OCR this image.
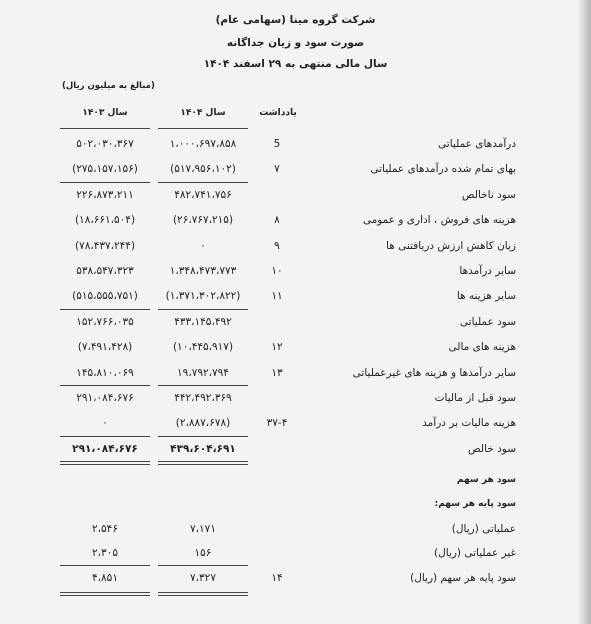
شرکت گروه مینا (سهامی عام)
صورت سود و زیان جداگانه
سال مالی منتهی به ۲۹ اسفند ۱۴۰۴
(مبالغ به میلیون ریال)
یادداشت
سال ۱۴۰۴
سال ۱۴۰۳
درآمدهای عملیاتی
5
۱،۰۰۰،۶۹۷،۸۵۸
۵۰۲،۰۳۰،۳۶۷
بهای تمام شده درآمدهای عملیاتی
۷
(۵۱۷،۹۵۶،۱۰۲)
(۲۷۵،۱۵۷،۱۵۶)
سود ناخالص
۴۸۲،۷۴۱،۷۵۶
۲۲۶،۸۷۳،۲۱۱
هزینه های فروش ، اداری و عمومی
۸
(۲۶،۷۶۷،۲۱۵)
(۱۸،۶۶۱،۵۰۴)
زیان کاهش ارزش دریافتنی ها
۹
۰
(۷۸،۴۳۷،۲۴۴)
سایر درآمدها
۱۰
۱،۳۴۸،۴۷۳،۷۷۳
۵۳۸،۵۴۷،۳۲۳
سایر هزینه ها
۱۱
(۱،۳۷۱،۳۰۲،۸۲۲)
(۵۱۵،۵۵۵،۷۵۱)
سود عملیاتی
۴۳۳،۱۴۵،۴۹۲
۱۵۲،۷۶۶،۰۳۵
هزینه های مالی
۱۲
(۱۰،۴۴۵،۹۱۷)
(۷،۴۹۱،۴۲۸)
سایر درآمدها و هزینه های غیرعملیاتی
۱۳
۱۹،۷۹۲،۷۹۴
۱۴۵،۸۱۰،۰۶۹
سود قبل از مالیات
۴۴۲،۴۹۲،۳۶۹
۲۹۱،۰۸۴،۶۷۶
هزینه مالیات بر درآمد
۳۷-۴
(۲،۸۸۷،۶۷۸)
۰
سود خالص
۴۳۹،۶۰۴،۶۹۱
۲۹۱،۰۸۴،۶۷۶
سود هر سهم
سود پایه هر سهم:
عملیاتی (ریال)
۷،۱۷۱
۲،۵۴۶
غیر عملیاتی (ریال)
۱۵۶
۲،۳۰۵
سود پایه هر سهم (ریال)
۱۴
۷،۳۲۷
۴،۸۵۱
